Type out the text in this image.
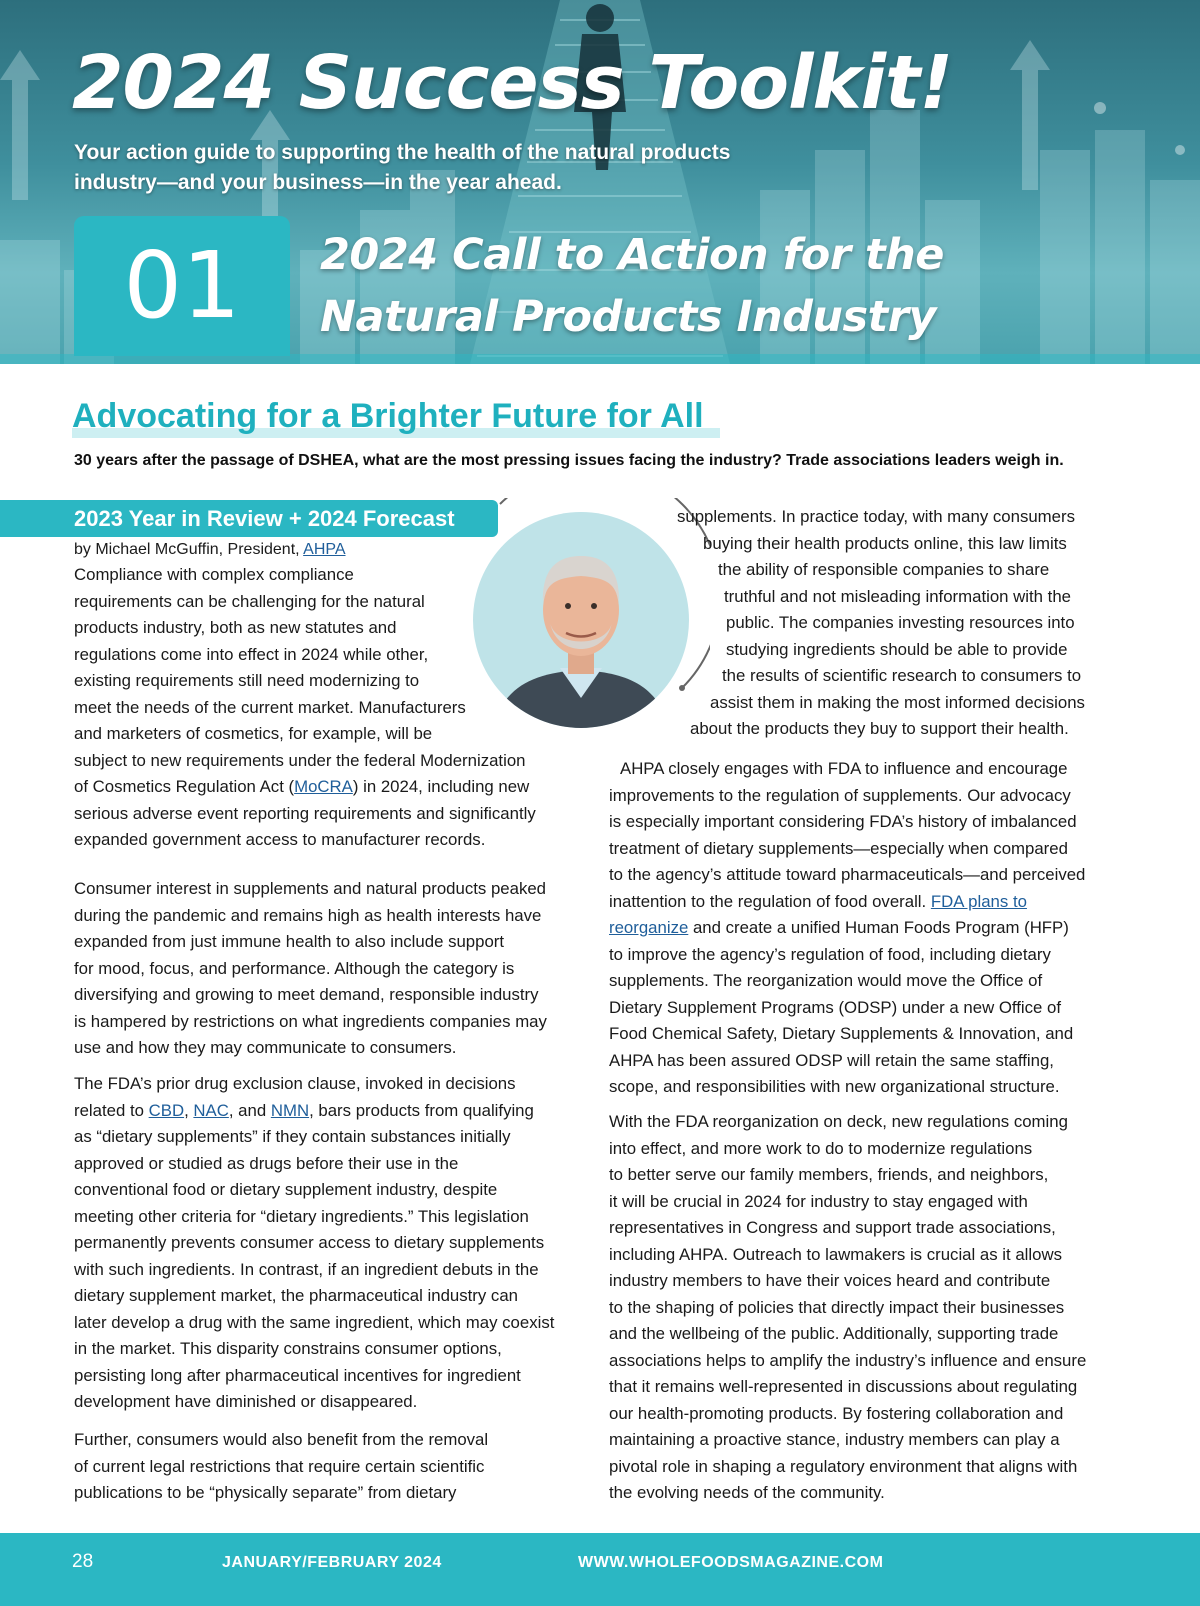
2024 Success Toolkit!

Your action guide to supporting the health of the natural products industry—and your business—in the year ahead.

01	2024 Call to Action for the
Natural Products Industry
Advocating for a Brighter Future for All

30 years after the passage of DSHEA, what are the most pressing issues facing the industry? Trade associations leaders weigh in.

2023 Year in Review + 2024 Forecast
by Michael McGuffin, President, AHPA
Compliance with complex compliance
requirements can be challenging for the natural
products industry, both as new statutes and
regulations come into effect in 2024 while other,
existing requirements still need modernizing to
meet the needs of the current market. Manufacturers
and marketers of cosmetics, for example, will be
subject to new requirements under the federal Modernization
of Cosmetics Regulation Act (MoCRA) in 2024, including new
serious adverse event reporting requirements and significantly
expanded government access to manufacturer records.
Consumer interest in supplements and natural products peaked
during the pandemic and remains high as health interests have
expanded from just immune health to also include support
for mood, focus, and performance. Although the category is
diversifying and growing to meet demand, responsible industry
is hampered by restrictions on what ingredients companies may
use and how they may communicate to consumers.
The FDA’s prior drug exclusion clause, invoked in decisions
related to CBD, NAC, and NMN, bars products from qualifying
as “dietary supplements” if they contain substances initially
approved or studied as drugs before their use in the
conventional food or dietary supplement industry, despite
meeting other criteria for “dietary ingredients.” This legislation
permanently prevents consumer access to dietary supplements
with such ingredients. In contrast, if an ingredient debuts in the
dietary supplement market, the pharmaceutical industry can
later develop a drug with the same ingredient, which may coexist
in the market. This disparity constrains consumer options,
persisting long after pharmaceutical incentives for ingredient
development have diminished or disappeared.
Further, consumers would also benefit from the removal
of current legal restrictions that require certain scientific
publications to be “physically separate” from dietary
supplements. In practice today, with many consumers
buying their health products online, this law limits
the ability of responsible companies to share
truthful and not misleading information with the
public. The companies investing resources into
studying ingredients should be able to provide
the results of scientific research to consumers to
assist them in making the most informed decisions
about the products they buy to support their health.
AHPA closely engages with FDA to influence and encourage
improvements to the regulation of supplements. Our advocacy
is especially important considering FDA’s history of imbalanced
treatment of dietary supplements—especially when compared
to the agency’s attitude toward pharmaceuticals—and perceived
inattention to the regulation of food overall. FDA plans to
reorganize and create a unified Human Foods Program (HFP)
to improve the agency’s regulation of food, including dietary
supplements. The reorganization would move the Office of
Dietary Supplement Programs (ODSP) under a new Office of
Food Chemical Safety, Dietary Supplements & Innovation, and
AHPA has been assured ODSP will retain the same staffing,
scope, and responsibilities with new organizational structure.
With the FDA reorganization on deck, new regulations coming
into effect, and more work to do to modernize regulations
to better serve our family members, friends, and neighbors,
it will be crucial in 2024 for industry to stay engaged with
representatives in Congress and support trade associations,
including AHPA. Outreach to lawmakers is crucial as it allows
industry members to have their voices heard and contribute
to the shaping of policies that directly impact their businesses
and the wellbeing of the public. Additionally, supporting trade
associations helps to amplify the industry’s influence and ensure
that it remains well-represented in discussions about regulating
our health-promoting products. By fostering collaboration and
maintaining a proactive stance, industry members can play a
pivotal role in shaping a regulatory environment that aligns with
the evolving needs of the community.
28	JANUARY/FEBRUARY 2024	WWW.WHOLEFOODSMAGAZINE.COM
